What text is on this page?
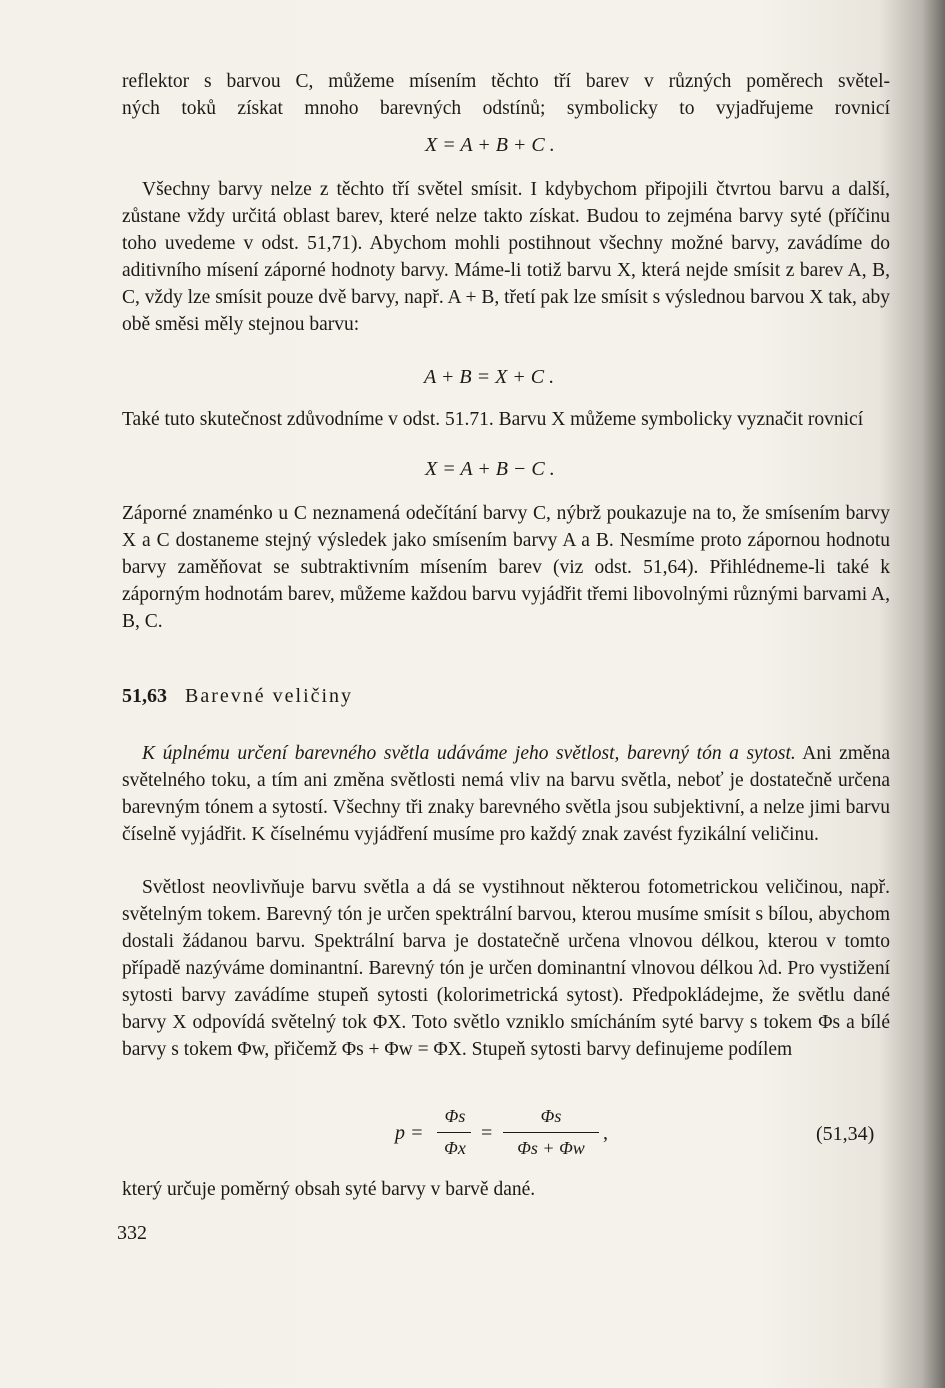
reflektor s barvou C, můžeme mísením těchto tří barev v různých poměrech světel-
ných toků získat mnoho barevných odstínů; symbolicky to vyjadřujeme rovnicí
X = A + B + C .

Všechny barvy nelze z těchto tří světel smísit. I kdybychom připojili čtvrtou barvu a další, zůstane vždy určitá oblast barev, které nelze takto získat. Budou to zejména barvy syté (příčinu toho uvedeme v odst. 51,71). Abychom mohli postihnout všechny možné barvy, zavádíme do aditivního mísení záporné hodnoty barvy. Máme-li totiž barvu X, která nejde smísit z barev A, B, C, vždy lze smísit pouze dvě barvy, např. A + B, třetí pak lze smísit s výslednou barvou X tak, aby obě směsi měly stejnou barvu:

A + B = X + C .

Také tuto skutečnost zdůvodníme v odst. 51.71. Barvu X můžeme symbolicky vyznačit rovnicí

X = A + B − C .

Záporné znaménko u C neznamená odečítání barvy C, nýbrž poukazuje na to, že smísením barvy X a C dostaneme stejný výsledek jako smísením barvy A a B. Nesmíme proto zápornou hodnotu barvy zaměňovat se subtraktivním mísením barev (viz odst. 51,64). Přihlédneme-li také k záporným hodnotám barev, můžeme každou barvu vyjádřit třemi libovolnými různými barvami A, B, C.

51,63 Barevné veličiny

K úplnému určení barevného světla udáváme jeho světlost, barevný tón a sytost. Ani změna světelného toku, a tím ani změna světlosti nemá vliv na barvu světla, neboť je dostatečně určena barevným tónem a sytostí. Všechny tři znaky barevného světla jsou subjektivní, a nelze jimi barvu číselně vyjádřit. K číselnému vyjádření musíme pro každý znak zavést fyzikální veličinu.

Světlost neovlivňuje barvu světla a dá se vystihnout některou fotometrickou veličinou, např. světelným tokem. Barevný tón je určen spektrální barvou, kterou musíme smísit s bílou, abychom dostali žádanou barvu. Spektrální barva je dostatečně určena vlnovou délkou, kterou v tomto případě nazýváme dominantní. Barevný tón je určen dominantní vlnovou délkou λd. Pro vystižení sytosti barvy zavádíme stupeň sytosti (kolorimetrická sytost). Předpokládejme, že světlu dané barvy X odpovídá světelný tok ΦX. Toto světlo vzniklo smícháním syté barvy s tokem Φs a bílé barvy s tokem Φw, přičemž Φs + Φw = ΦX. Stupeň sytosti barvy definujeme podílem

p =
Φs
Φx
=
Φs
Φs + Φw
,	(51,34)

který určuje poměrný obsah syté barvy v barvě dané.

332
